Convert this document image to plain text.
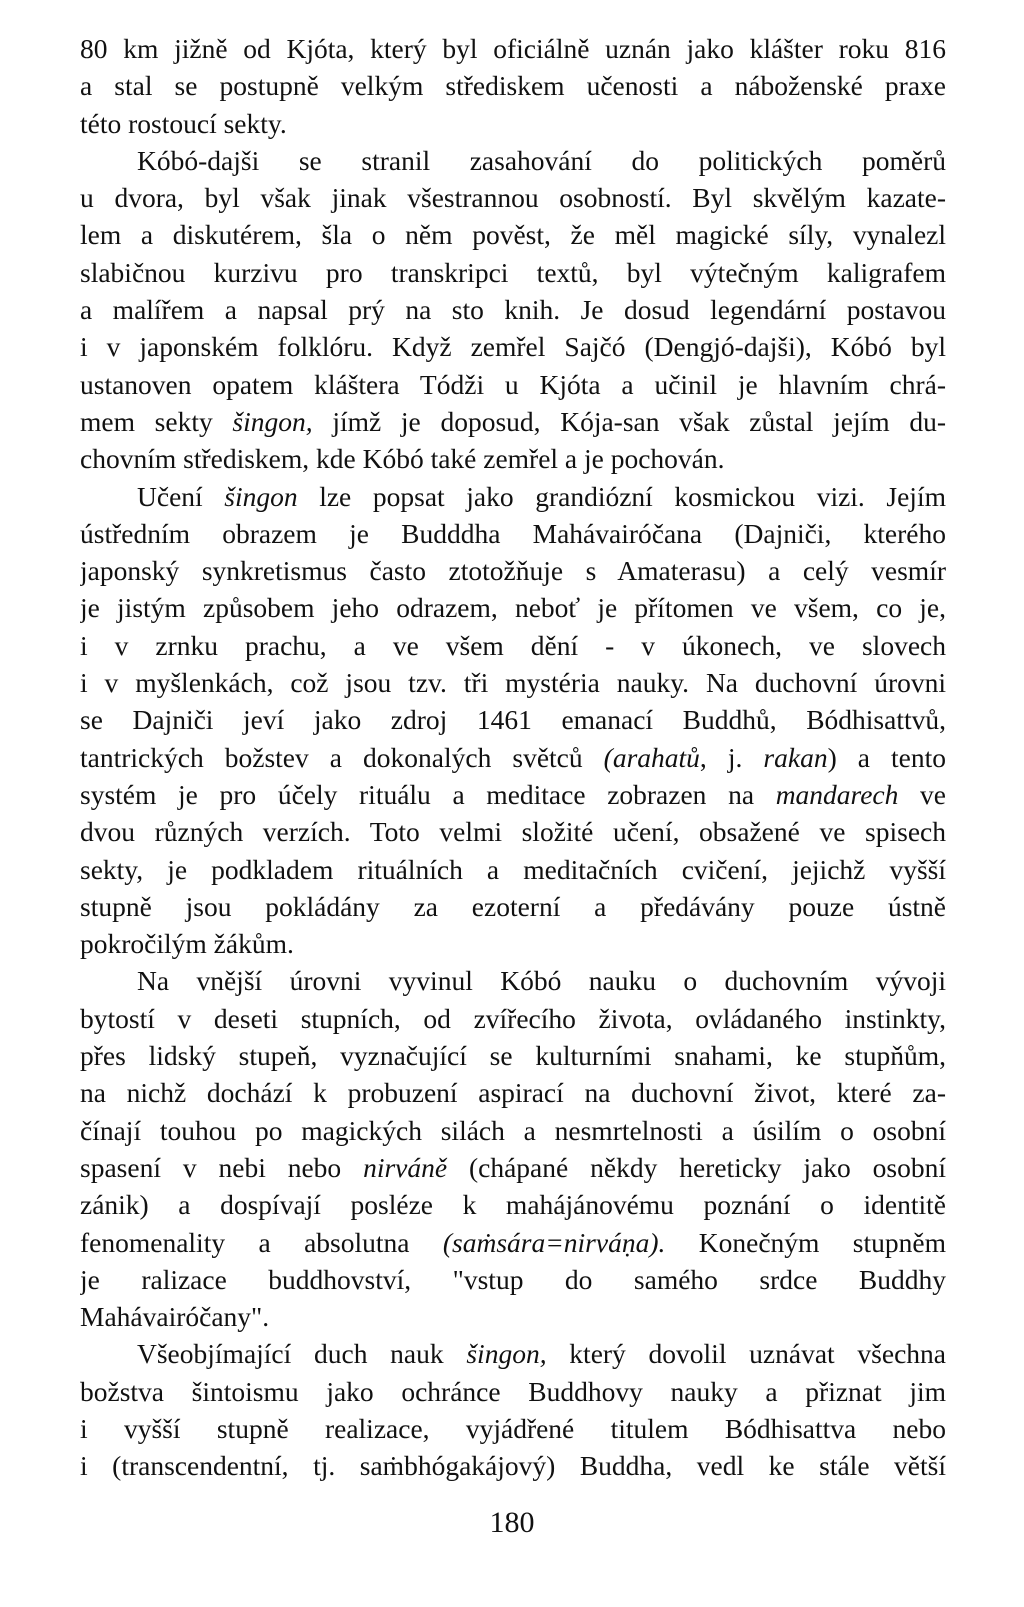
80 km jižně od Kjóta, který byl oficiálně uznán jako klášter roku 816
a stal se postupně velkým střediskem učenosti a náboženské praxe
této rostoucí sekty.
Kóbó-dajši se stranil zasahování do politických poměrů
u dvora, byl však jinak všestrannou osobností. Byl skvělým kazate-
lem a diskutérem, šla o něm pověst, že měl magické síly, vynalezl
slabičnou kurzivu pro transkripci textů, byl výtečným kaligrafem
a malířem a napsal prý na sto knih. Je dosud legendární postavou
i v japonském folklóru. Když zemřel Sajčó (Dengjó-dajši), Kóbó byl
ustanoven opatem kláštera Tódži u Kjóta a učinil je hlavním chrá-
mem sekty šingon, jímž je doposud, Kója-san však zůstal jejím du-
chovním střediskem, kde Kóbó také zemřel a je pochován.
Učení šingon lze popsat jako grandiózní kosmickou vizi. Jejím
ústředním obrazem je Budddha Mahávairóčana (Dajniči, kterého
japonský synkretismus často ztotožňuje s Amaterasu) a celý vesmír
je jistým způsobem jeho odrazem, neboť je přítomen ve všem, co je,
i v zrnku prachu, a ve všem dění - v úkonech, ve slovech
i v myšlenkách, což jsou tzv. tři mystéria nauky. Na duchovní úrovni
se Dajniči jeví jako zdroj 1461 emanací Buddhů, Bódhisattvů,
tantrických božstev a dokonalých světců (arahatů, j. rakan) a tento
systém je pro účely rituálu a meditace zobrazen na mandarech ve
dvou různých verzích. Toto velmi složité učení, obsažené ve spisech
sekty, je podkladem rituálních a meditačních cvičení, jejichž vyšší
stupně jsou pokládány za ezoterní a předávány pouze ústně
pokročilým žákům.
Na vnější úrovni vyvinul Kóbó nauku o duchovním vývoji
bytostí v deseti stupních, od zvířecího života, ovládaného instinkty,
přes lidský stupeň, vyznačující se kulturními snahami, ke stupňům,
na nichž dochází k probuzení aspirací na duchovní život, které za-
čínají touhou po magických silách a nesmrtelnosti a úsilím o osobní
spasení v nebi nebo nirváně (chápané někdy hereticky jako osobní
zánik) a dospívají posléze k mahájánovému poznání o identitě
fenomenality a absolutna (saṁsára=nirváṇa). Konečným stupněm
je ralizace buddhovství, "vstup do samého srdce Buddhy
Mahávairóčany".
Všeobjímající duch nauk šingon, který dovolil uznávat všechna
božstva šintoismu jako ochránce Buddhovy nauky a přiznat jim
i vyšší stupně realizace, vyjádřené titulem Bódhisattva nebo
i (transcendentní, tj. saṁbhógakájový) Buddha, vedl ke stále větší
180
